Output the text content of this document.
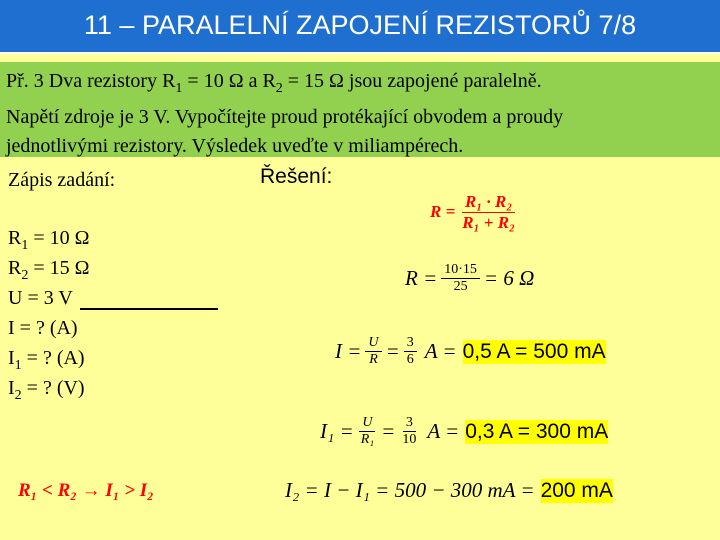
11 – PARALELNÍ ZAPOJENÍ REZISTORŮ 7/8
Př. 3 Dva rezistory $R_1 = 10$ Ω a $R_2 = 15$ Ω jsou zapojené paralelně.
Napětí zdroje je 3 V. Vypočítejte proud protékající obvodem a proudy
jednotlivými rezistory. Výsledek uveďte v miliampérech.
Zápis zadání:
$R_1 = 10$ Ω
$R_2 = 15$ Ω
U = 3 V
I = ? (A)
$I_1$ = ? (A)
$I_2$ = ? (V)
Řešení:
$R = \frac{\text{R₁ · R₂}}{\text{R₁ + R₂}}$
$R = \frac{10\cdot 15}{25} = 6$ Ω
$I = \frac{U}{R} = \frac{3}{6}$ A = 0,5 A = 500 mA
$I_1 = \frac{U}{\text{R₁}} = \frac{3}{10}$ A = 0,3 A = 300 mA
I₂ = I − I₁ = 500 − 300 mA = 200 mA
R₁ < R₂ → I₁ > I₂
